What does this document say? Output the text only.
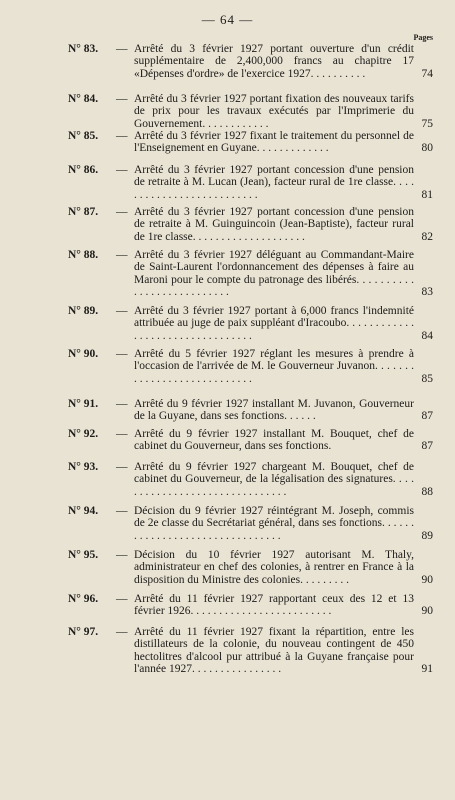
— 64 —
Pages
N° 83. — Arrêté du 3 février 1927 portant ouverture d'un crédit supplémentaire de 2,400,000 francs au chapitre 17 «Dépenses d'ordre» de l'exercice 1927. . . . . . . . . .	74
N° 84. — Arrêté du 3 février 1927 portant fixation des nouveaux tarifs de prix pour les travaux exécutés par l'Imprimerie du Gouvernement. . . . . . . . . . . .	75
N° 85. — Arrêté du 3 février 1927 fixant le traitement du personnel de l'Enseignement en Guyane. . . . . . . . . . . . .	80
N° 86. — Arrêté du 3 février 1927 portant concession d'une pension de retraite à M. Lucan (Jean), facteur rural de 1re classe. . . . . . . . . . . . . . . . . . . . . . . . . .	81
N° 87. — Arrêté du 3 février 1927 portant concession d'une pension de retraite à M. Guinguincoin (Jean-Baptiste), facteur rural de 1re classe. . . . . . . . . . . . . . . . . . . .	82
N° 88. — Arrêté du 3 février 1927 déléguant au Commandant-Maire de Saint-Laurent l'ordonnancement des dépenses à faire au Maroni pour le compte du patronage des libérés. . . . . . . . . . . . . . . . . . . . . . . . . . .	83
N° 89. — Arrêté du 3 février 1927 portant à 6,000 francs l'indemnité attribuée au juge de paix suppléant d'Iracoubo. . . . . . . . . . . . . . . . . . . . . . . . . . . . . . . . .	84
N° 90. — Arrêté du 5 février 1927 réglant les mesures à prendre à l'occasion de l'arrivée de M. le Gouverneur Juvanon. . . . . . . . . . . . . . . . . . . . . . . . . . . .	85
N° 91. — Arrêté du 9 février 1927 installant M. Juvanon, Gouverneur de la Guyane, dans ses fonctions. . . . . .	87
N° 92. — Arrêté du 9 février 1927 installant M. Bouquet, chef de cabinet du Gouverneur, dans ses fonctions.	87
N° 93. — Arrêté du 9 février 1927 chargeant M. Bouquet, chef de cabinet du Gouverneur, de la légalisation des signatures. . . . . . . . . . . . . . . . . . . . . . . . . . . . . . .	88
N° 94. — Décision du 9 février 1927 réintégrant M. Joseph, commis de 2e classe du Secrétariat général, dans ses fonctions. . . . . . . . . . . . . . . . . . . . . . . . . . . . . . . .	89
N° 95. — Décision du 10 février 1927 autorisant M. Thaly, administrateur en chef des colonies, à rentrer en France à la disposition du Ministre des colonies. . . . . . . . .	90
N° 96. — Arrêté du 11 février 1927 rapportant ceux des 12 et 13 février 1926. . . . . . . . . . . . . . . . . . . . . . . . .	90
N° 97. — Arrêté du 11 février 1927 fixant la répartition, entre les distillateurs de la colonie, du nouveau contingent de 450 hectolitres d'alcool pur attribué à la Guyane française pour l'année 1927. . . . . . . . . . . . . . . .	91
